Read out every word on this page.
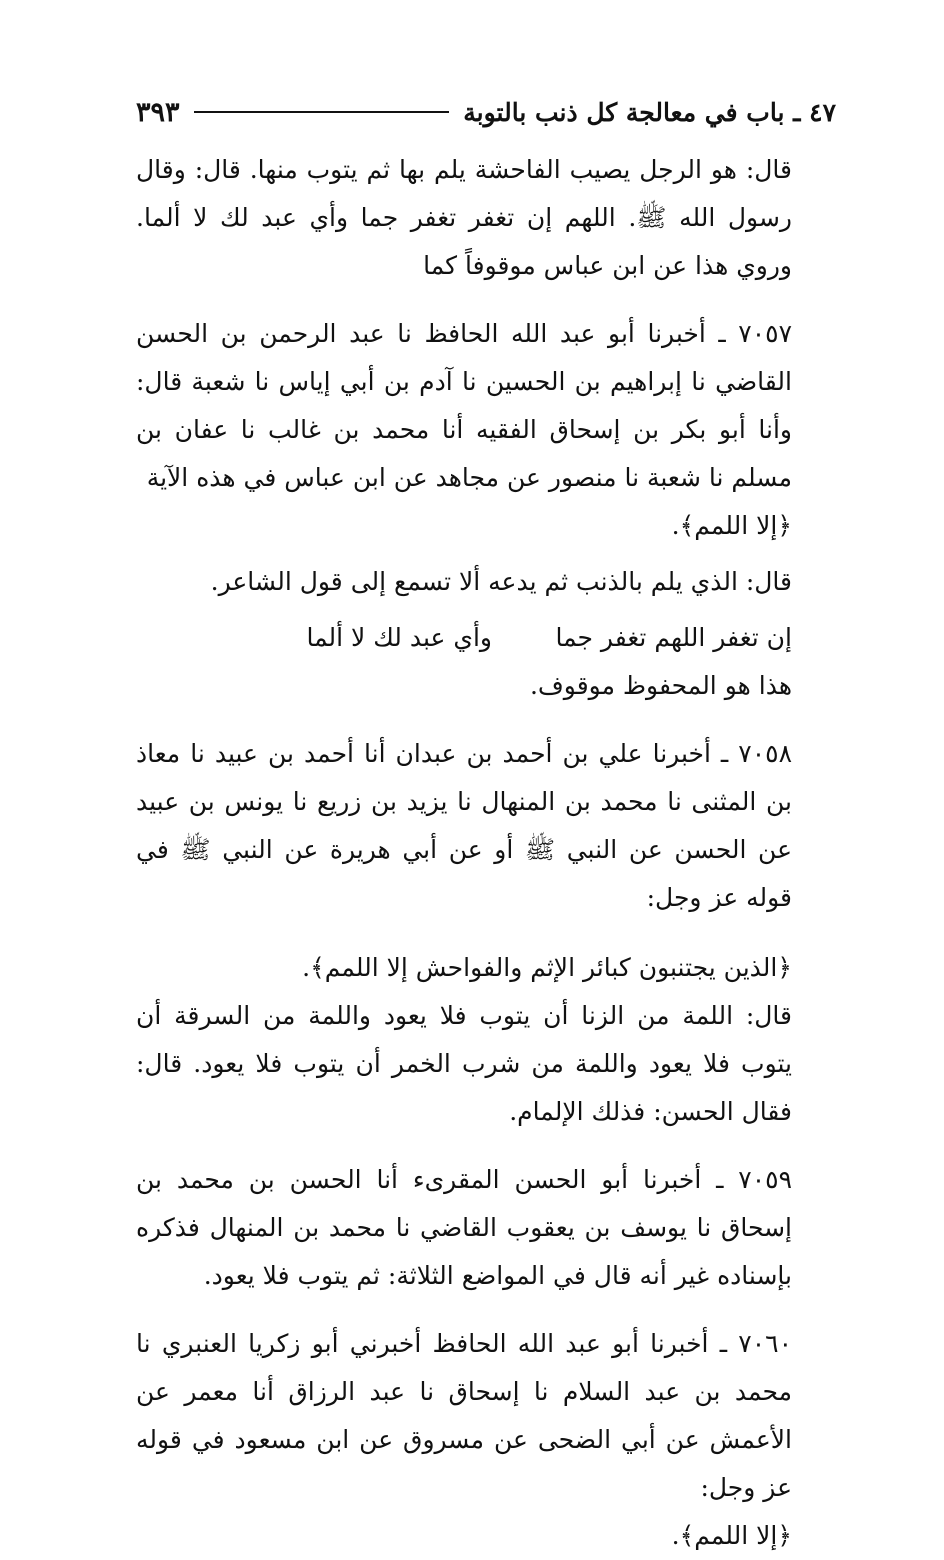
٤٧ ـ باب في معالجة كل ذنب بالتوبة
٣٩٣

قال: هو الرجل يصيب الفاحشة يلم بها ثم يتوب منها. قال: وقال رسول الله ﷺ. اللهم إن تغفر تغفر جما وأي عبد لك لا ألما. وروي هذا عن ابن عباس موقوفاً كما

٧٠٥٧ ـ أخبرنا أبو عبد الله الحافظ نا عبد الرحمن بن الحسن القاضي نا إبراهيم بن الحسين نا آدم بن أبي إياس نا شعبة قال: وأنا أبو بكر بن إسحاق الفقيه أنا محمد بن غالب نا عفان بن مسلم نا شعبة نا منصور عن مجاهد عن ابن عباس في هذه الآية

﴿إلا اللمم﴾.

قال: الذي يلم بالذنب ثم يدعه ألا تسمع إلى قول الشاعر.

إن تغفر اللهم تغفر جما
وأي عبد لك لا ألما

هذا هو المحفوظ موقوف.

٧٠٥٨ ـ أخبرنا علي بن أحمد بن عبدان أنا أحمد بن عبيد نا معاذ بن المثنى نا محمد بن المنهال نا يزيد بن زريع نا يونس بن عبيد عن الحسن عن النبي ﷺ أو عن أبي هريرة عن النبي ﷺ في قوله عز وجل:

﴿الذين يجتنبون كبائر الإثم والفواحش إلا اللمم﴾.

قال: اللمة من الزنا أن يتوب فلا يعود واللمة من السرقة أن يتوب فلا يعود واللمة من شرب الخمر أن يتوب فلا يعود. قال: فقال الحسن: فذلك الإلمام.

٧٠٥٩ ـ أخبرنا أبو الحسن المقرىء أنا الحسن بن محمد بن إسحاق نا يوسف بن يعقوب القاضي نا محمد بن المنهال فذكره بإسناده غير أنه قال في المواضع الثلاثة: ثم يتوب فلا يعود.

٧٠٦٠ ـ أخبرنا أبو عبد الله الحافظ أخبرني أبو زكريا العنبري نا محمد بن عبد السلام نا إسحاق نا عبد الرزاق أنا معمر عن الأعمش عن أبي الضحى عن مسروق عن ابن مسعود في قوله عز وجل:

﴿إلا اللمم﴾.
